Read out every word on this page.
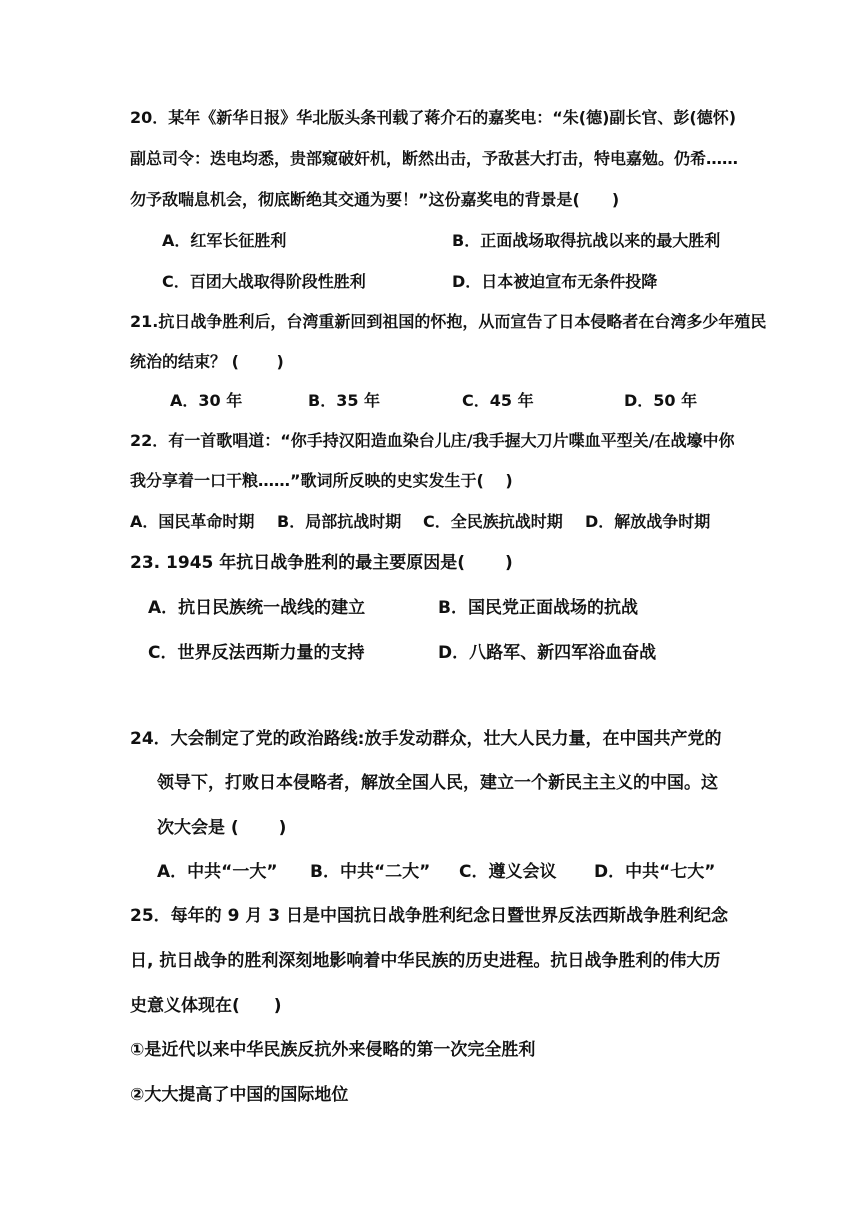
20．某年《新华日报》华北版头条刊载了蒋介石的嘉奖电：“朱(德)副长官、彭(德怀)
副总司令：迭电均悉，贵部窥破奸机，断然出击，予敌甚大打击，特电嘉勉。仍希……
勿予敌喘息机会，彻底断绝其交通为要！”这份嘉奖电的背景是(　　)
A．红军长征胜利	B．正面战场取得抗战以来的最大胜利
C．百团大战取得阶段性胜利	D．日本被迫宣布无条件投降
21.抗日战争胜利后，台湾重新回到祖国的怀抱，从而宣告了日本侵略者在台湾多少年殖民
统治的结束？ (　　 )
A．30 年	B．35 年	C．45 年	D．50 年
22．有一首歌唱道：“你手持汉阳造血染台儿庄/我手握大刀片喋血平型关/在战壕中你
我分享着一口干粮……”歌词所反映的史实发生于(　 )
A．国民革命时期 B．局部抗战时期 C．全民族抗战时期 D．解放战争时期
23. 1945 年抗日战争胜利的最主要原因是(　　 )
A．抗日民族统一战线的建立	B．国民党正面战场的抗战
C．世界反法西斯力量的支持	D．八路军、新四军浴血奋战
24．大会制定了党的政治路线:放手发动群众，壮大人民力量，在中国共产党的
领导下，打败日本侵略者，解放全国人民，建立一个新民主主义的中国。这
次大会是 (　　 )
A．中共“一大” B．中共“二大” C．遵义会议 D．中共“七大”
25．每年的 9 月 3 日是中国抗日战争胜利纪念日暨世界反法西斯战争胜利纪念
日, 抗日战争的胜利深刻地影响着中华民族的历史进程。抗日战争胜利的伟大历
史意义体现在(　　)
①是近代以来中华民族反抗外来侵略的第一次完全胜利
②大大提高了中国的国际地位
